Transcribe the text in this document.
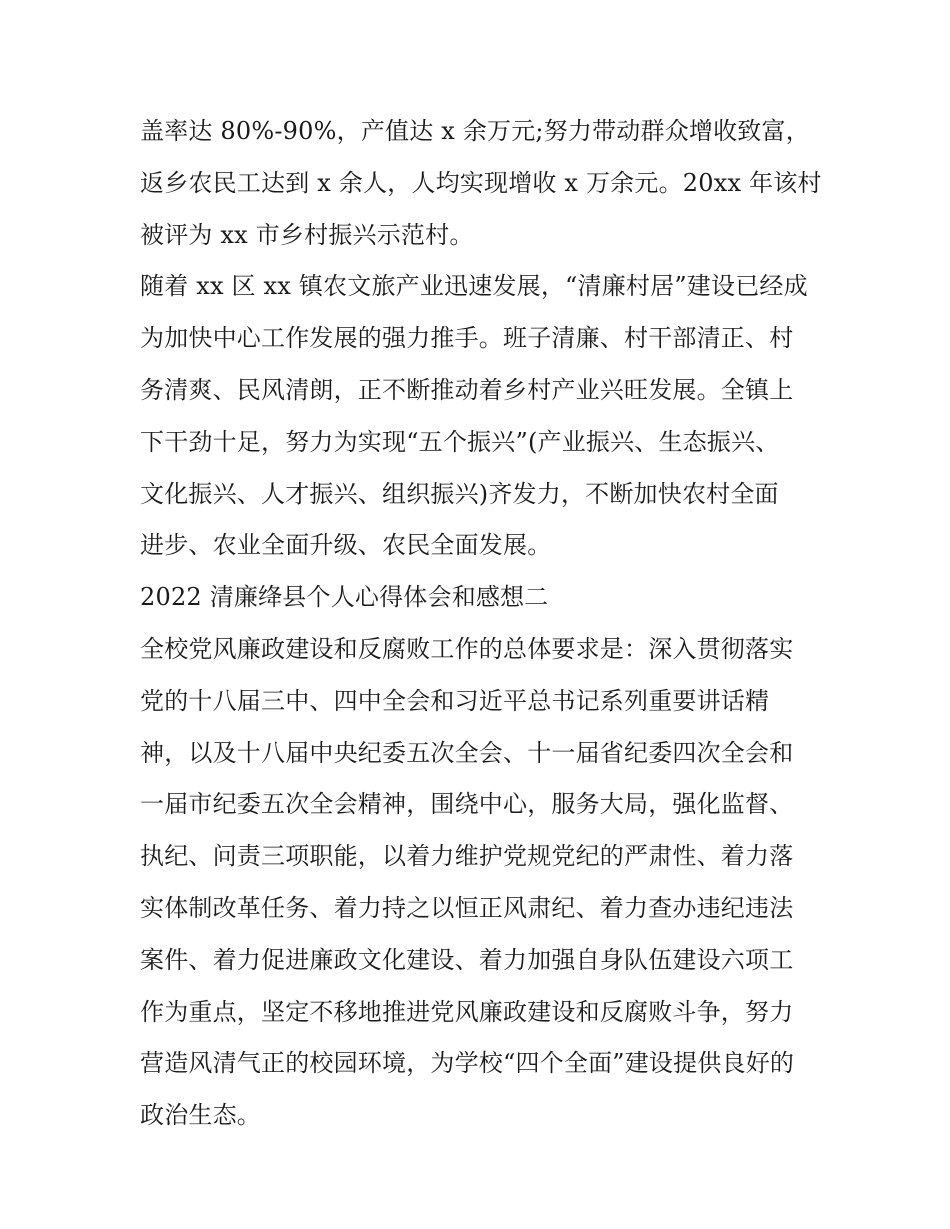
盖率达 80%-90%，产值达 x 余万元;努力带动群众增收致富，
返乡农民工达到 x 余人，人均实现增收 x 万余元。20xx 年该村
被评为 xx 市乡村振兴示范村。
随着 xx 区 xx 镇农文旅产业迅速发展，“清廉村居”建设已经成
为加快中心工作发展的强力推手。班子清廉、村干部清正、村
务清爽、民风清朗，正不断推动着乡村产业兴旺发展。全镇上
下干劲十足，努力为实现“五个振兴”(产业振兴、生态振兴、
文化振兴、人才振兴、组织振兴)齐发力，不断加快农村全面
进步、农业全面升级、农民全面发展。
2022 清廉绛县个人心得体会和感想二
全校党风廉政建设和反腐败工作的总体要求是：深入贯彻落实
党的十八届三中、四中全会和习近平总书记系列重要讲话精
神，以及十八届中央纪委五次全会、十一届省纪委四次全会和
一届市纪委五次全会精神，围绕中心，服务大局，强化监督、
执纪、问责三项职能，以着力维护党规党纪的严肃性、着力落
实体制改革任务、着力持之以恒正风肃纪、着力查办违纪违法
案件、着力促进廉政文化建设、着力加强自身队伍建设六项工
作为重点，坚定不移地推进党风廉政建设和反腐败斗争，努力
营造风清气正的校园环境，为学校“四个全面”建设提供良好的
政治生态。
